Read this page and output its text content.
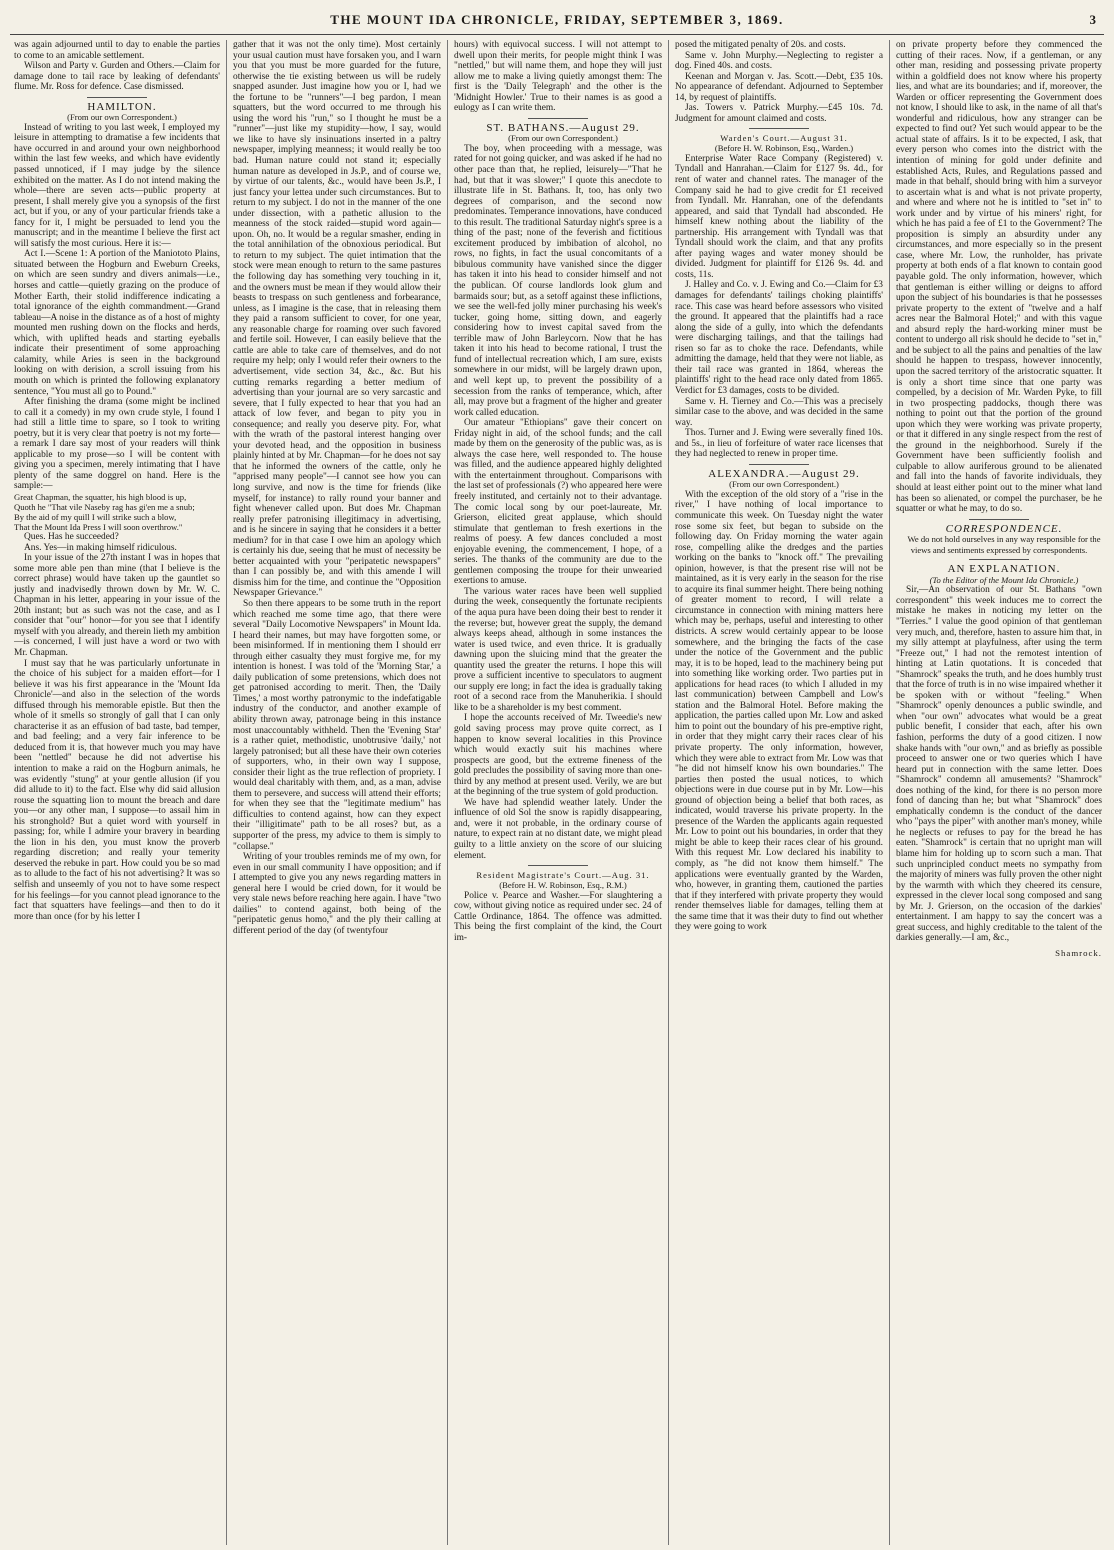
THE MOUNT IDA CHRONICLE, FRIDAY, SEPTEMBER 3, 1869.	3

was again adjourned until to day to enable the parties to come to an amicable settlement.

Wilson and Party v. Gurden and Others.—Claim for damage done to tail race by leaking of defendants' flume. Mr. Ross for defence. Case dismissed.

HAMILTON.

(From our own Correspondent.)

Instead of writing to you last week, I employed my leisure in attempting to dramatise a few incidents that have occurred in and around your own neighborhood within the last few weeks, and which have evidently passed unnoticed, if I may judge by the silence exhibited on the matter. As I do not intend making the whole—there are seven acts—public property at present, I shall merely give you a synopsis of the first act, but if you, or any of your particular friends take a fancy for it, I might be persuaded to lend you the manuscript; and in the meantime I believe the first act will satisfy the most curious. Here it is:—

Act I.—Scene 1: A portion of the Maniototo Plains, situated between the Hogburn and Eweburn Creeks, on which are seen sundry and divers animals—i.e., horses and cattle—quietly grazing on the produce of Mother Earth, their stolid indifference indicating a total ignorance of the eighth commandment.—Grand tableau—A noise in the distance as of a host of mighty mounted men rushing down on the flocks and herds, which, with uplifted heads and starting eyeballs indicate their presentiment of some approaching calamity, while Aries is seen in the background looking on with derision, a scroll issuing from his mouth on which is printed the following explanatory sentence, "You must all go to Pound."

After finishing the drama (some might be inclined to call it a comedy) in my own crude style, I found I had still a little time to spare, so I took to writing poetry, but it is very clear that poetry is not my forte—a remark I dare say most of your readers will think applicable to my prose—so I will be content with giving you a specimen, merely intimating that I have plenty of the same doggrel on hand. Here is the sample:—

Great Chapman, the squatter, his high blood is up,
Quoth he "That vile Naseby rag has gi'en me a snub;
By the aid of my quill I will strike such a blow,
That the Mount Ida Press I will soon overthrow."

Ques. Has he succeeded?

Ans. Yes—in making himself ridiculous.

In your issue of the 27th instant I was in hopes that some more able pen than mine (that I believe is the correct phrase) would have taken up the gauntlet so justly and inadvisedly thrown down by Mr. W. C. Chapman in his letter, appearing in your issue of the 20th instant; but as such was not the case, and as I consider that "our" honor—for you see that I identify myself with you already, and therein lieth my ambition—is concerned, I will just have a word or two with Mr. Chapman.

I must say that he was particularly unfortunate in the choice of his subject for a maiden effort—for I believe it was his first appearance in the 'Mount Ida Chronicle'—and also in the selection of the words diffused through his memorable epistle. But then the whole of it smells so strongly of gall that I can only characterise it as an effusion of bad taste, bad temper, and bad feeling; and a very fair inference to be deduced from it is, that however much you may have been "nettled" because he did not advertise his intention to make a raid on the Hogburn animals, he was evidently "stung" at your gentle allusion (if you did allude to it) to the fact. Else why did said allusion rouse the squatting lion to mount the breach and dare you—or any other man, I suppose—to assail him in his stronghold? But a quiet word with yourself in passing; for, while I admire your bravery in bearding the lion in his den, you must know the proverb regarding discretion; and really your temerity deserved the rebuke in part. How could you be so mad as to allude to the fact of his not advertising? It was so selfish and unseemly of you not to have some respect for his feelings—for you cannot plead ignorance to the fact that squatters have feelings—and then to do it more than once (for by his letter I

gather that it was not the only time). Most certainly your usual caution must have forsaken you, and I warn you that you must be more guarded for the future, otherwise the tie existing between us will be rudely snapped asunder. Just imagine how you or I, had we the fortune to be "runners"—I beg pardon, I mean squatters, but the word occurred to me through his using the word his "run," so I thought he must be a "runner"—just like my stupidity—how, I say, would we like to have sly insinuations inserted in a paltry newspaper, implying meanness; it would really be too bad. Human nature could not stand it; especially human nature as developed in Js.P., and of course we, by virtue of our talents, &c., would have been Js.P., I just fancy your lettea under such circumstances. But to return to my subject. I do not in the manner of the one under dissection, with a pathetic allusion to the meanness of the stock raided—stupid word again—upon. Oh, no. It would be a regular smasher, ending in the total annihilation of the obnoxious periodical. But to return to my subject. The quiet intimation that the stock were mean enough to return to the same pastures the following day has something very touching in it, and the owners must be mean if they would allow their beasts to trespass on such gentleness and forbearance, unless, as I imagine is the case, that in releasing them they paid a ransom sufficient to cover, for one year, any reasonable charge for roaming over such favored and fertile soil. However, I can easily believe that the cattle are able to take care of themselves, and do not require my help; only I would refer their owners to the advertisement, vide section 34, &c., &c. But his cutting remarks regarding a better medium of advertising than your journal are so very sarcastic and severe, that I fully expected to hear that you had an attack of low fever, and began to pity you in consequence; and really you deserve pity. For, what with the wrath of the pastoral interest hanging over your devoted head, and the opposition in business plainly hinted at by Mr. Chapman—for he does not say that he informed the owners of the cattle, only he "apprised many people"—I cannot see how you can long survive, and now is the time for friends (like myself, for instance) to rally round your banner and fight whenever called upon. But does Mr. Chapman really prefer patronising illegitimacy in advertising, and is he sincere in saying that he considers it a better medium? for in that case I owe him an apology which is certainly his due, seeing that he must of necessity be better acquainted with your "peripatetic newspapers" than I can possibly be, and with this amende I will dismiss him for the time, and continue the "Opposition Newspaper Grievance."

So then there appears to be some truth in the report which reached me some time ago, that there were several "Daily Locomotive Newspapers" in Mount Ida. I heard their names, but may have forgotten some, or been misinformed. If in mentioning them I should err through either casualty they must forgive me, for my intention is honest. I was told of the 'Morning Star,' a daily publication of some pretensions, which does not get patronised according to merit. Then, the 'Daily Times,' a most worthy patronymic to the indefatigable industry of the conductor, and another example of ability thrown away, patronage being in this instance most unaccountably withheld. Then the 'Evening Star' is a rather quiet, methodistic, unobtrusive 'daily,' not largely patronised; but all these have their own coteries of supporters, who, in their own way I suppose, consider their light as the true reflection of propriety. I would deal charitably with them, and, as a man, advise them to persevere, and success will attend their efforts; for when they see that the "legitimate medium" has difficulties to contend against, how can they expect their "illigitimate" path to be all roses? but, as a supporter of the press, my advice to them is simply to "collapse."

Writing of your troubles reminds me of my own, for even in our small community I have opposition; and if I attempted to give you any news regarding matters in general here I would be cried down, for it would be very stale news before reaching here again. I have "two dailies" to contend against, both being of the "peripatetic genus homo," and the ply their calling at different period of the day (of twentyfour

hours) with equivocal success. I will not attempt to dwell upon their merits, for people might think I was "nettled," but will name them, and hope they will just allow me to make a living quietly amongst them: The first is the 'Daily Telegraph' and the other is the 'Midnight Howler.' True to their names is as good a eulogy as I can write them.

ST. BATHANS.—August 29.

(From our own Correspondent.)

The boy, when proceeding with a message, was rated for not going quicker, and was asked if he had no other pace than that, he replied, leisurely—"That he had, but that it was slower;" I quote this anecdote to illustrate life in St. Bathans. It, too, has only two degrees of comparison, and the second now predominates. Temperance innovations, have conduced to this result. The traditional Saturday night's spree is a thing of the past; none of the feverish and fictitious excitement produced by imbibation of alcohol, no rows, no fights, in fact the usual concomitants of a bibulous community have vanished since the digger has taken it into his head to consider himself and not the publican. Of course landlords look glum and barmaids sour; but, as a setoff against these inflictions, we see the well-fed jolly miner purchasing his week's tucker, going home, sitting down, and eagerly considering how to invest capital saved from the terrible maw of John Barleycorn. Now that he has taken it into his head to become rational, I trust the fund of intellectual recreation which, I am sure, exists somewhere in our midst, will be largely drawn upon, and well kept up, to prevent the possibility of a secession from the ranks of temperance, which, after all, may prove but a fragment of the higher and greater work called education.

Our amateur "Ethiopians" gave their concert on Friday night in aid, of the school funds; and the call made by them on the generosity of the public was, as is always the case here, well responded to. The house was filled, and the audience appeared highly delighted with the entertainment throughout. Comparisons with the last set of professionals (?) who appeared here were freely instituted, and certainly not to their advantage. The comic local song by our poet-laureate, Mr. Grierson, elicited great applause, which should stimulate that gentleman to fresh exertions in the realms of poesy. A few dances concluded a most enjoyable evening, the commencement, I hope, of a series. The thanks of the community are due to the gentlemen composing the troupe for their unwearied exertions to amuse.

The various water races have been well supplied during the week, consequently the fortunate recipients of the aqua pura have been doing their best to render it the reverse; but, however great the supply, the demand always keeps ahead, although in some instances the water is used twice, and even thrice. It is gradually dawning upon the sluicing mind that the greater the quantity used the greater the returns. I hope this will prove a sufficient incentive to speculators to augment our supply ere long; in fact the idea is gradually taking root of a second race from the Manuherikia. I should like to be a shareholder is my best comment.

I hope the accounts received of Mr. Tweedie's new gold saving process may prove quite correct, as I happen to know several localities in this Province which would exactly suit his machines where prospects are good, but the extreme fineness of the gold precludes the possibility of saving more than one-third by any method at present used. Verily, we are but at the beginning of the true system of gold production.

We have had splendid weather lately. Under the influence of old Sol the snow is rapidly disappearing, and, were it not probable, in the ordinary course of nature, to expect rain at no distant date, we might plead guilty to a little anxiety on the score of our sluicing element.

Resident Magistrate's Court.—Aug. 31.

(Before H. W. Robinson, Esq., R.M.)

Police v. Pearce and Washer.—For slaughtering a cow, without giving notice as required under sec. 24 of Cattle Ordinance, 1864. The offence was admitted. This being the first complaint of the kind, the Court im-

posed the mitigated penalty of 20s. and costs.

Same v. John Murphy.—Neglecting to register a dog. Fined 40s. and costs.

Keenan and Morgan v. Jas. Scott.—Debt, £35 10s. No appearance of defendant. Adjourned to September 14, by request of plaintiffs.

Jas. Towers v. Patrick Murphy.—£45 10s. 7d. Judgment for amount claimed and costs.

Warden's Court.—August 31.

(Before H. W. Robinson, Esq., Warden.)

Enterprise Water Race Company (Registered) v. Tyndall and Hanrahan.—Claim for £127 9s. 4d., for rent of water and channel rates. The manager of the Company said he had to give credit for £1 received from Tyndall. Mr. Hanrahan, one of the defendants appeared, and said that Tyndall had absconded. He himself knew nothing about the liability of the partnership. His arrangement with Tyndall was that Tyndall should work the claim, and that any profits after paying wages and water money should be divided. Judgment for plaintiff for £126 9s. 4d. and costs, 11s.

J. Halley and Co. v. J. Ewing and Co.—Claim for £3 damages for defendants' tailings choking plaintiffs' race. This case was heard before assessors who visited the ground. It appeared that the plaintiffs had a race along the side of a gully, into which the defendants were discharging tailings, and that the tailings had risen so far as to choke the race. Defendants, while admitting the damage, held that they were not liable, as their tail race was granted in 1864, whereas the plaintiffs' right to the head race only dated from 1865. Verdict for £3 damages, costs to be divided.

Same v. H. Tierney and Co.—This was a precisely similar case to the above, and was decided in the same way.

Thos. Turner and J. Ewing were severally fined 10s. and 5s., in lieu of forfeiture of water race licenses that they had neglected to renew in proper time.

ALEXANDRA.—August 29.

(From our own Correspondent.)

With the exception of the old story of a "rise in the river," I have nothing of local importance to communicate this week. On Tuesday night the water rose some six feet, but began to subside on the following day. On Friday morning the water again rose, compelling alike the dredges and the parties working on the banks to "knock off." The prevailing opinion, however, is that the present rise will not be maintained, as it is very early in the season for the rise to acquire its final summer height. There being nothing of greater moment to record, I will relate a circumstance in connection with mining matters here which may be, perhaps, useful and interesting to other districts. A screw would certainly appear to be loose somewhere, and the bringing the facts of the case under the notice of the Government and the public may, it is to be hoped, lead to the machinery being put into something like working order. Two parties put in applications for head races (to which I alluded in my last communication) between Campbell and Low's station and the Balmoral Hotel. Before making the application, the parties called upon Mr. Low and asked him to point out the boundary of his pre-emptive right, in order that they might carry their races clear of his private property. The only information, however, which they were able to extract from Mr. Low was that "he did not himself know his own boundaries." The parties then posted the usual notices, to which objections were in due course put in by Mr. Low—his ground of objection being a belief that both races, as indicated, would traverse his private property. In the presence of the Warden the applicants again requested Mr. Low to point out his boundaries, in order that they might be able to keep their races clear of his ground. With this request Mr. Low declared his inability to comply, as "he did not know them himself." The applications were eventually granted by the Warden, who, however, in granting them, cautioned the parties that if they interfered with private property they would render themselves liable for damages, telling them at the same time that it was their duty to find out whether they were going to work

on private property before they commenced the cutting of their races. Now, if a gentleman, or any other man, residing and possessing private property within a goldfield does not know where his property lies, and what are its boundaries; and if, moreover, the Warden or officer representing the Government does not know, I should like to ask, in the name of all that's wonderful and ridiculous, how any stranger can be expected to find out? Yet such would appear to be the actual state of affairs. Is it to be expected, I ask, that every person who comes into the district with the intention of mining for gold under definite and established Acts, Rules, and Regulations passed and made in that behalf, should bring with him a surveyor to ascertain what is and what is not private property, and where and where not he is intitled to "set in" to work under and by virtue of his miners' right, for which he has paid a fee of £1 to the Government? The proposition is simply an absurdity under any circumstances, and more especially so in the present case, where Mr. Low, the runholder, has private property at both ends of a flat known to contain good payable gold. The only information, however, which that gentleman is either willing or deigns to afford upon the subject of his boundaries is that he possesses private property to the extent of "twelve and a half acres near the Balmoral Hotel;" and with this vague and absurd reply the hard-working miner must be content to undergo all risk should he decide to "set in," and be subject to all the pains and penalties of the law should he happen to trespass, however innocently, upon the sacred territory of the aristocratic squatter. It is only a short time since that one party was compelled, by a decision of Mr. Warden Pyke, to fill in two prospecting paddocks, though there was nothing to point out that the portion of the ground upon which they were working was private property, or that it differed in any single respect from the rest of the ground in the neighborhood. Surely if the Government have been sufficiently foolish and culpable to allow auriferous ground to be alienated and fall into the hands of favorite individuals, they should at least either point out to the miner what land has been so alienated, or compel the purchaser, be he squatter or what he may, to do so.

CORRESPONDENCE.

We do not hold ourselves in any way responsible for the views and sentiments expressed by correspondents.

AN EXPLANATION.

(To the Editor of the Mount Ida Chronicle.)

Sir,—An observation of our St. Bathans "own correspondent" this week induces me to correct the mistake he makes in noticing my letter on the "Terries." I value the good opinion of that gentleman very much, and, therefore, hasten to assure him that, in my silly attempt at playfulness, after using the term "Freeze out," I had not the remotest intention of hinting at Latin quotations. It is conceded that "Shamrock" speaks the truth, and he does humbly trust that the force of truth is in no wise impaired whether it be spoken with or without "feeling." When "Shamrock" openly denounces a public swindle, and when "our own" advocates what would be a great public benefit, I consider that each, after his own fashion, performs the duty of a good citizen. I now shake hands with "our own," and as briefly as possible proceed to answer one or two queries which I have heard put in connection with the same letter. Does "Shamrock" condemn all amusements? "Shamrock" does nothing of the kind, for there is no person more fond of dancing than he; but what "Shamrock" does emphatically condemn is the conduct of the dancer who "pays the piper" with another man's money, while he neglects or refuses to pay for the bread he has eaten. "Shamrock" is certain that no upright man will blame him for holding up to scorn such a man. That such unprincipled conduct meets no sympathy from the majority of miners was fully proven the other night by the warmth with which they cheered its censure, expressed in the clever local song composed and sang by Mr. J. Grierson, on the occasion of the darkies' entertainment. I am happy to say the concert was a great success, and highly creditable to the talent of the darkies generally.—I am, &c.,

Shamrock.
